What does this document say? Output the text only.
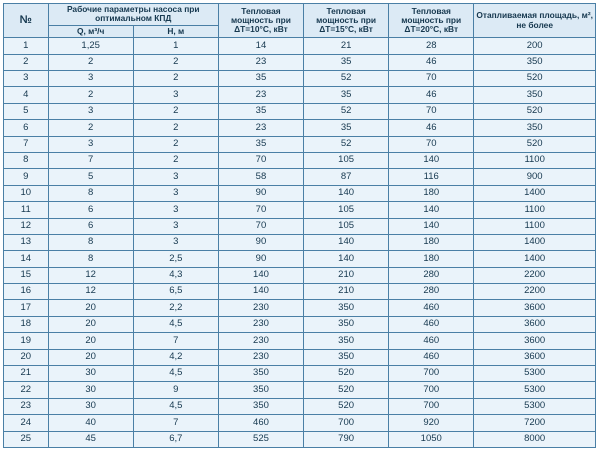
№	Рабочие параметры насоса при оптимальном КПД		Тепловая мощность при ΔТ=10°С, кВт	Тепловая мощность при ΔТ=15°С, кВт	Тепловая мощность при ΔТ=20°С, кВт	Отапливаемая площадь, м², не более
	Q, м³/ч	H, м				
1	1,25	1	14	21	28	200
2	2	2	23	35	46	350
3	3	2	35	52	70	520
4	2	3	23	35	46	350
5	3	2	35	52	70	520
6	2	2	23	35	46	350
7	3	2	35	52	70	520
8	7	2	70	105	140	1100
9	5	3	58	87	116	900
10	8	3	90	140	180	1400
11	6	3	70	105	140	1100
12	6	3	70	105	140	1100
13	8	3	90	140	180	1400
14	8	2,5	90	140	180	1400
15	12	4,3	140	210	280	2200
16	12	6,5	140	210	280	2200
17	20	2,2	230	350	460	3600
18	20	4,5	230	350	460	3600
19	20	7	230	350	460	3600
20	20	4,2	230	350	460	3600
21	30	4,5	350	520	700	5300
22	30	9	350	520	700	5300
23	30	4,5	350	520	700	5300
24	40	7	460	700	920	7200
25	45	6,7	525	790	1050	8000
